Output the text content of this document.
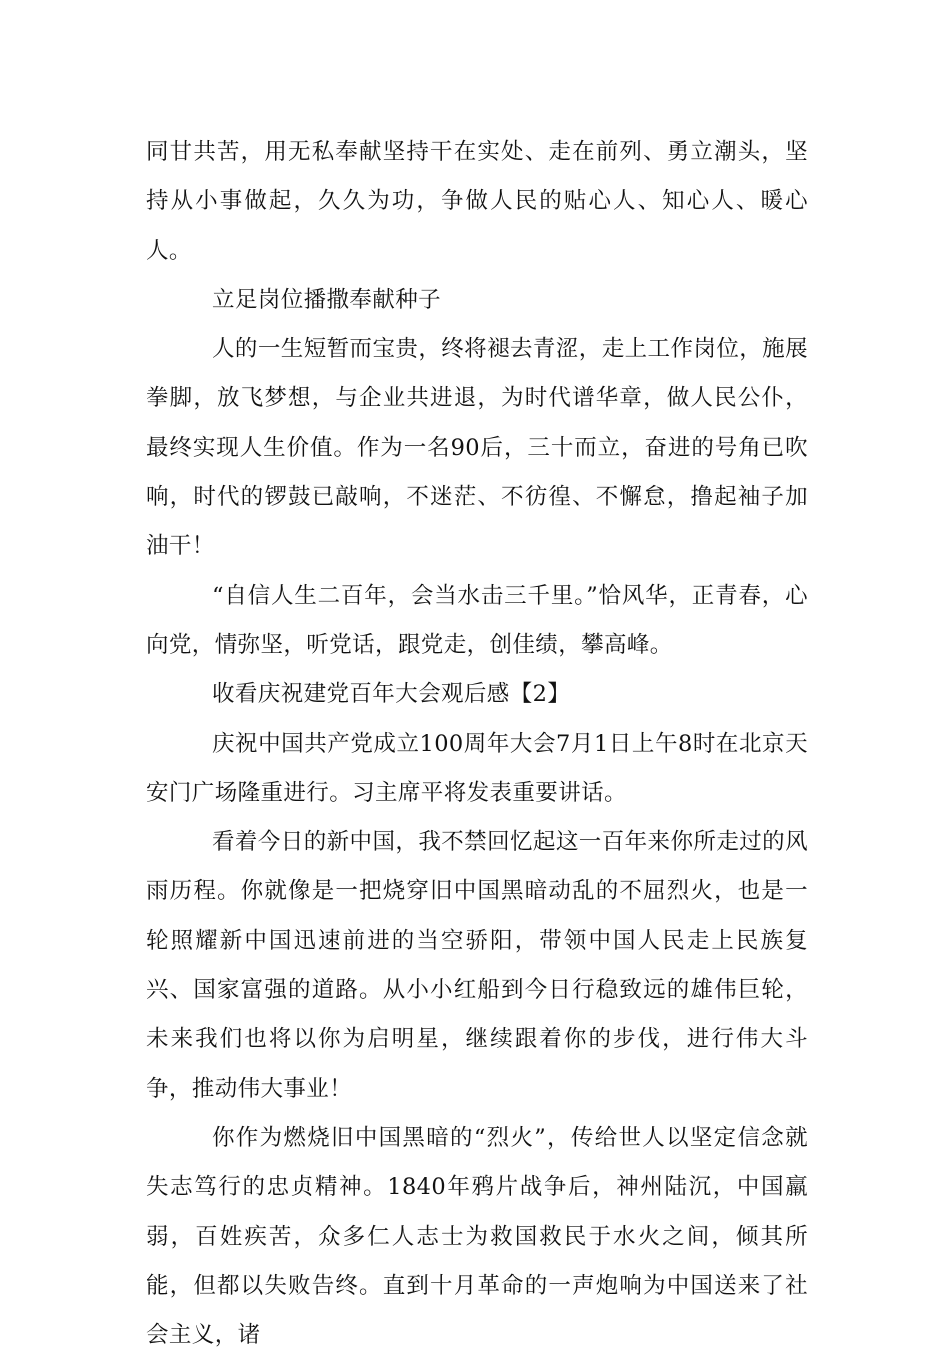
同甘共苦，用无私奉献坚持干在实处、走在前列、勇立潮头，坚持从小事做起，久久为功，争做人民的贴心人、知心人、暖心人。

立足岗位播撒奉献种子

人的一生短暂而宝贵，终将褪去青涩，走上工作岗位，施展拳脚，放飞梦想，与企业共进退，为时代谱华章，做人民公仆，最终实现人生价值。作为一名90后，三十而立，奋进的号角已吹响，时代的锣鼓已敲响，不迷茫、不彷徨、不懈怠，撸起袖子加油干！

“自信人生二百年，会当水击三千里。”恰风华，正青春，心向党，情弥坚，听党话，跟党走，创佳绩，攀高峰。

收看庆祝建党百年大会观后感【2】

庆祝中国共产党成立100周年大会7月1日上午8时在北京天安门广场隆重进行。习主席平将发表重要讲话。

看着今日的新中国，我不禁回忆起这一百年来你所走过的风雨历程。你就像是一把烧穿旧中国黑暗动乱的不屈烈火，也是一轮照耀新中国迅速前进的当空骄阳，带领中国人民走上民族复兴、国家富强的道路。从小小红船到今日行稳致远的雄伟巨轮，未来我们也将以你为启明星，继续跟着你的步伐，进行伟大斗争，推动伟大事业！

你作为燃烧旧中国黑暗的“烈火”，传给世人以坚定信念就失志笃行的忠贞精神。1840年鸦片战争后，神州陆沉，中国羸弱，百姓疾苦，众多仁人志士为救国救民于水火之间，倾其所能，但都以失败告终。直到十月革命的一声炮响为中国送来了社会主义，诸
